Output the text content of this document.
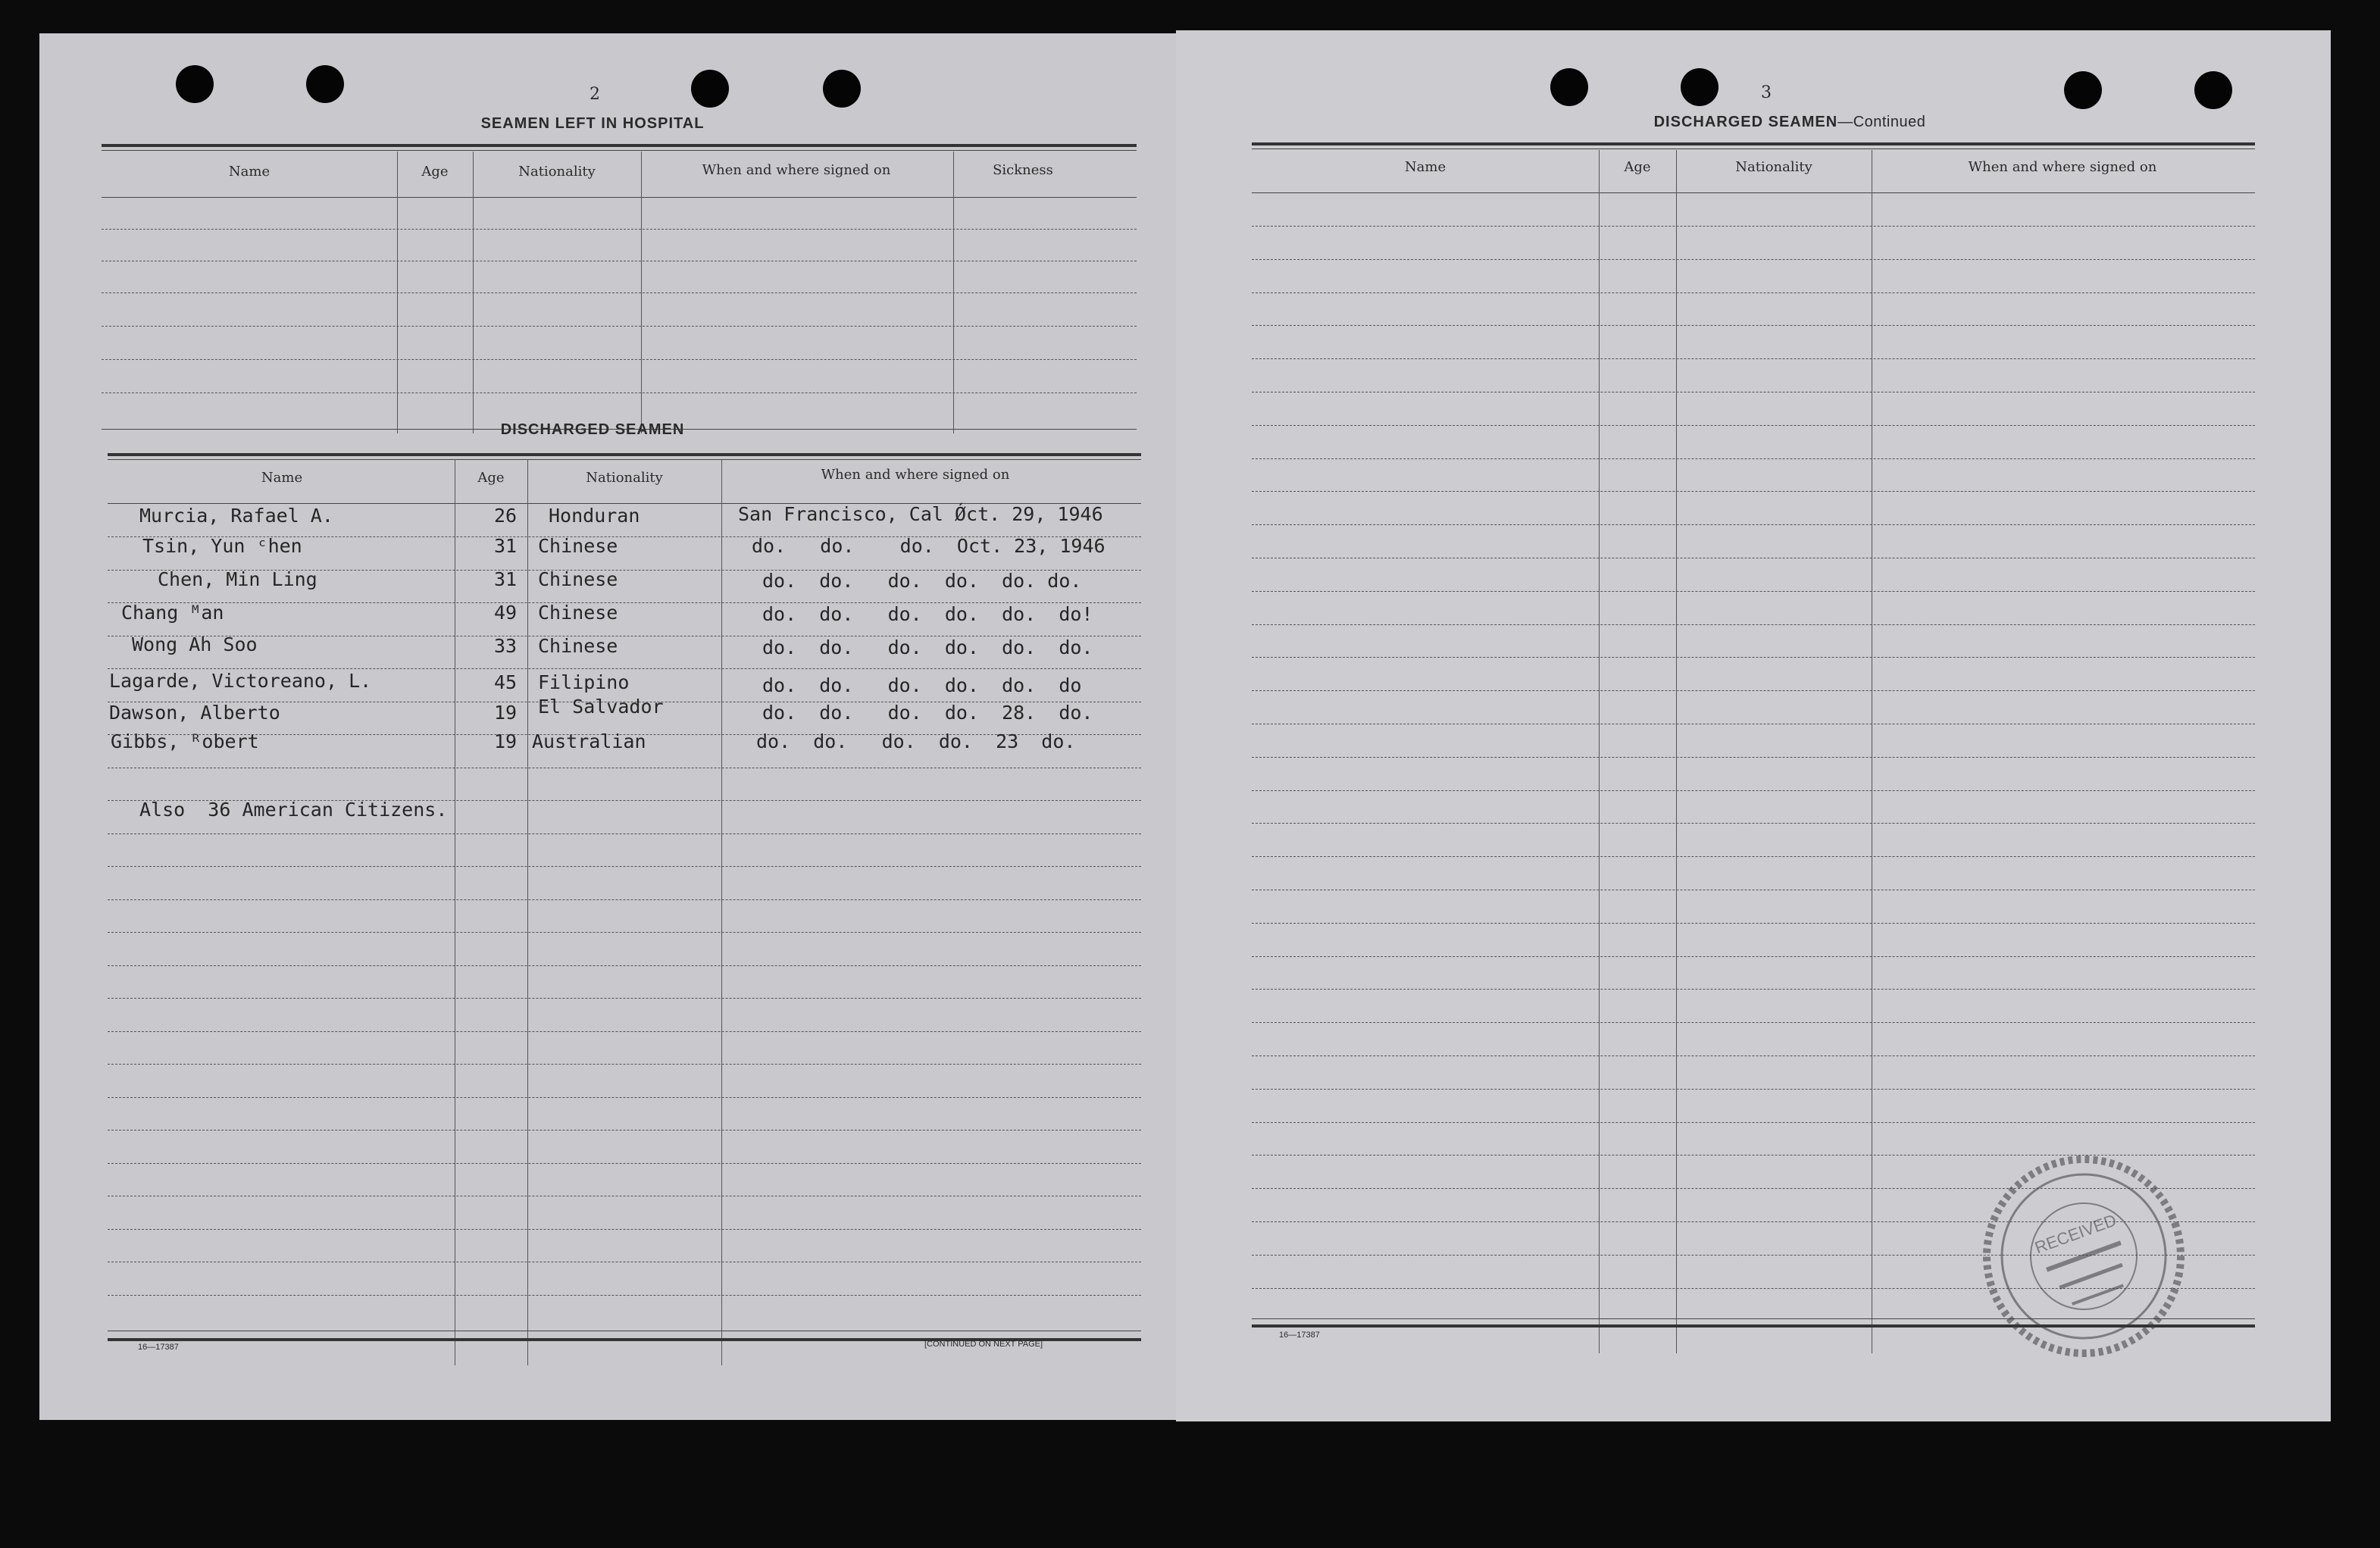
2
SEAMEN LEFT IN HOSPITAL
Name	Age	Nationality	When and where signed on	Sickness
DISCHARGED SEAMEN
Name	Age	Nationality	When and where signed on
Murcia, Rafael A.	26 Honduran	San Francisco, Cal Ǿct. 29, 1946
Tsin, Yun ᶜhen	31 Chinese	do.   do.    do.  Oct. 23, 1946
Chen, Min Ling	31 Chinese	do.  do.   do.  do.  do. do.
Chang ᴹan	49 Chinese	do.  do.   do.  do.  do.  do!
Wong Ah Soo	33 Chinese	do.  do.   do.  do.  do.  do.
Lagarde, Victoreano, L.	45 Filipino	do.  do.   do.  do.  do.  do
Dawson, Alberto	19 El Salvador	do.  do.   do.  do.  28.  do.
Gibbs, ᴿobert	19 Australian	do.  do.   do.  do.  23  do.
Also  36 American Citizens.
16—17387	[CONTINUED ON NEXT PAGE]
3
DISCHARGED SEAMEN—Continued
Name	Age	Nationality	When and where signed on
16—17387
RECEIVED
